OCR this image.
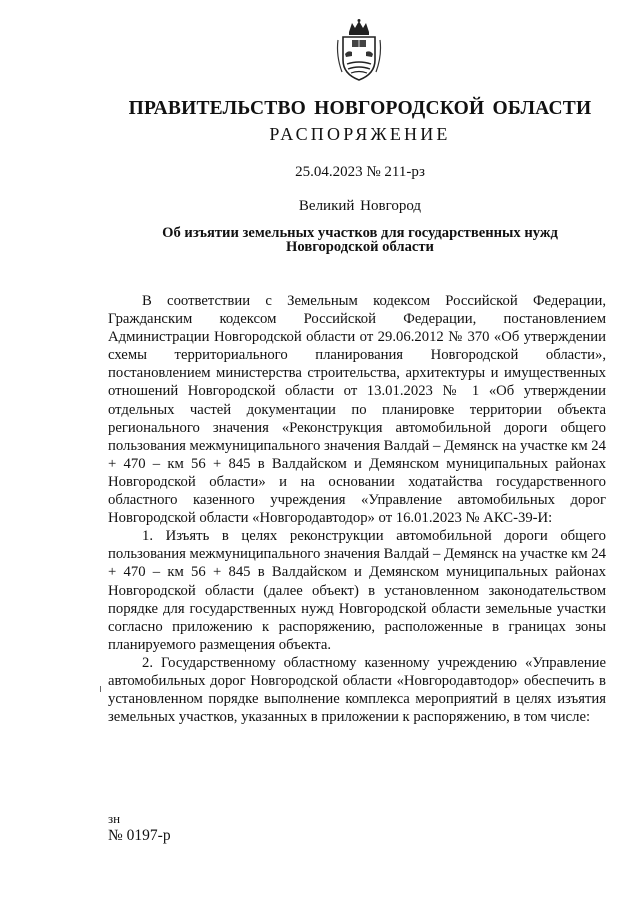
ПРАВИТЕЛЬСТВО НОВГОРОДСКОЙ ОБЛАСТИ
РАСПОРЯЖЕНИЕ
25.04.2023 № 211-рз
Великий Новгород
Об изъятии земельных участков для государственных нужд Новгородской области

В соответствии с Земельным кодексом Российской Федерации, Гражданским кодексом Российской Федерации, постановлением Администрации Новгородской области от 29.06.2012 № 370 «Об утверждении схемы территориального планирования Новгородской области», постановлением министерства строительства, архитектуры и имущественных отношений Новгородской области от 13.01.2023 № 1 «Об утверждении отдельных частей документации по планировке территории объекта регионального значения «Реконструкция автомобильной дороги общего пользования межмуниципального значения Валдай – Демянск на участке км 24 + 470 – км 56 + 845 в Валдайском и Демянском муниципальных районах Новгородской области» и на основании ходатайства государственного областного казенного учреждения «Управление автомобильных дорог Новгородской области «Новгородавтодор» от 16.01.2023 № АКС-39-И:

1. Изъять в целях реконструкции автомобильной дороги общего пользования межмуниципального значения Валдай – Демянск на участке км 24 + 470 – км 56 + 845 в Валдайском и Демянском муниципальных районах Новгородской области (далее объект) в установленном законодательством порядке для государственных нужд Новгородской области земельные участки согласно приложению к распоряжению, расположенные в границах зоны планируемого размещения объекта.

2. Государственному областному казенному учреждению «Управление автомобильных дорог Новгородской области «Новгородавтодор» обеспечить в установленном порядке выполнение комплекса мероприятий в целях изъятия земельных участков, указанных в приложении к распоряжению, в том числе:

зн
№ 0197-р
